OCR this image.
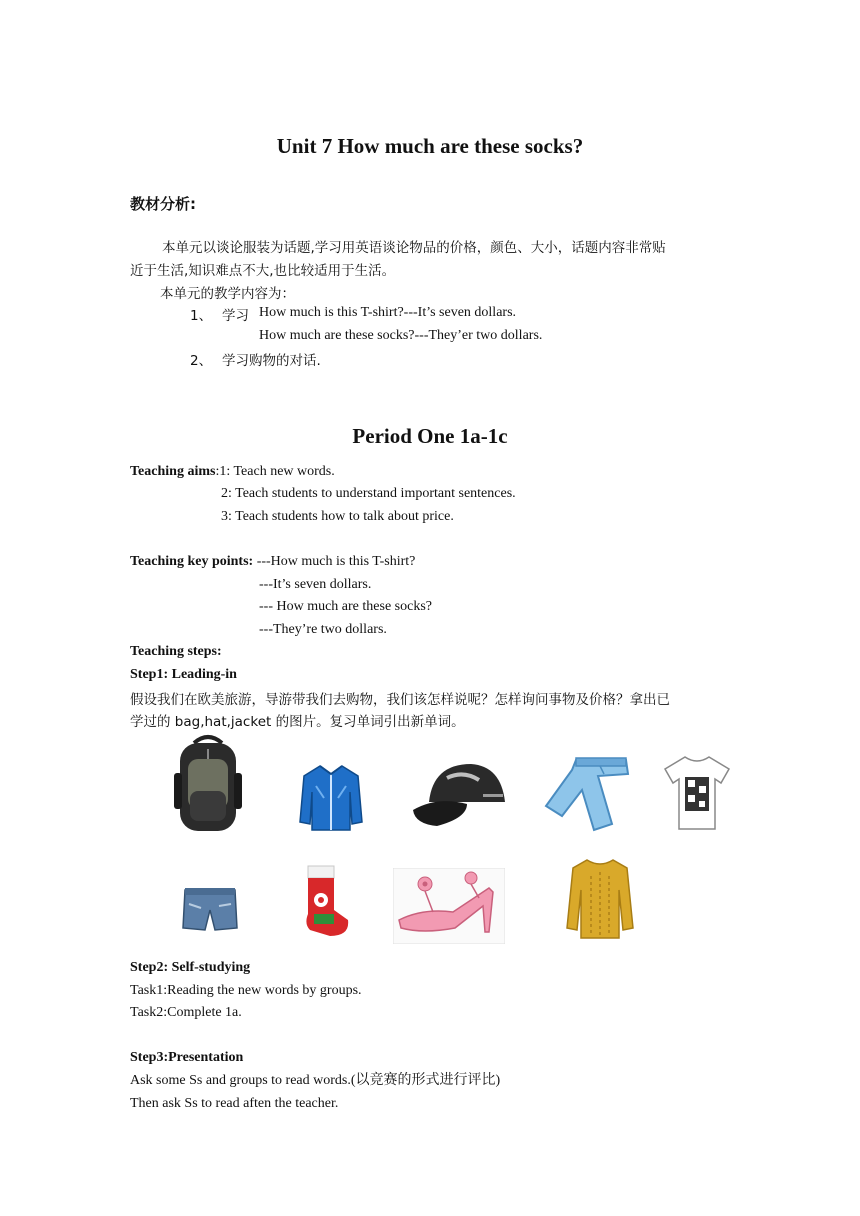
Unit 7 How much are these socks?
教材分析:
本单元以谈论服装为话题,学习用英语谈论物品的价格，颜色、大小，话题内容非常贴
近于生活,知识难点不大,也比较适用于生活。
本单元的教学内容为：
1、 学习 How much is this T-shirt?---It’s seven dollars.
How much are these socks?---They’er two dollars.
2、 学习购物的对话.
Period One 1a-1c
Teaching aims:1: Teach new words.
2: Teach students to understand important sentences.
3: Teach students how to talk about price.
Teaching key points: ---How much is this T-shirt?
---It’s seven dollars.
--- How much are these socks?
---They’re two dollars.
Teaching steps:
Step1: Leading-in
假设我们在欧美旅游，导游带我们去购物，我们该怎样说呢？怎样询问事物及价格？拿出已
学过的 bag,hat,jacket 的图片。复习单词引出新单词。
Step2: Self-studying
Task1:Reading the new words by groups.
Task2:Complete 1a.
Step3:Presentation
Ask some Ss and groups to read words.(以竞赛的形式进行评比)
Then ask Ss to read aften the teacher.
